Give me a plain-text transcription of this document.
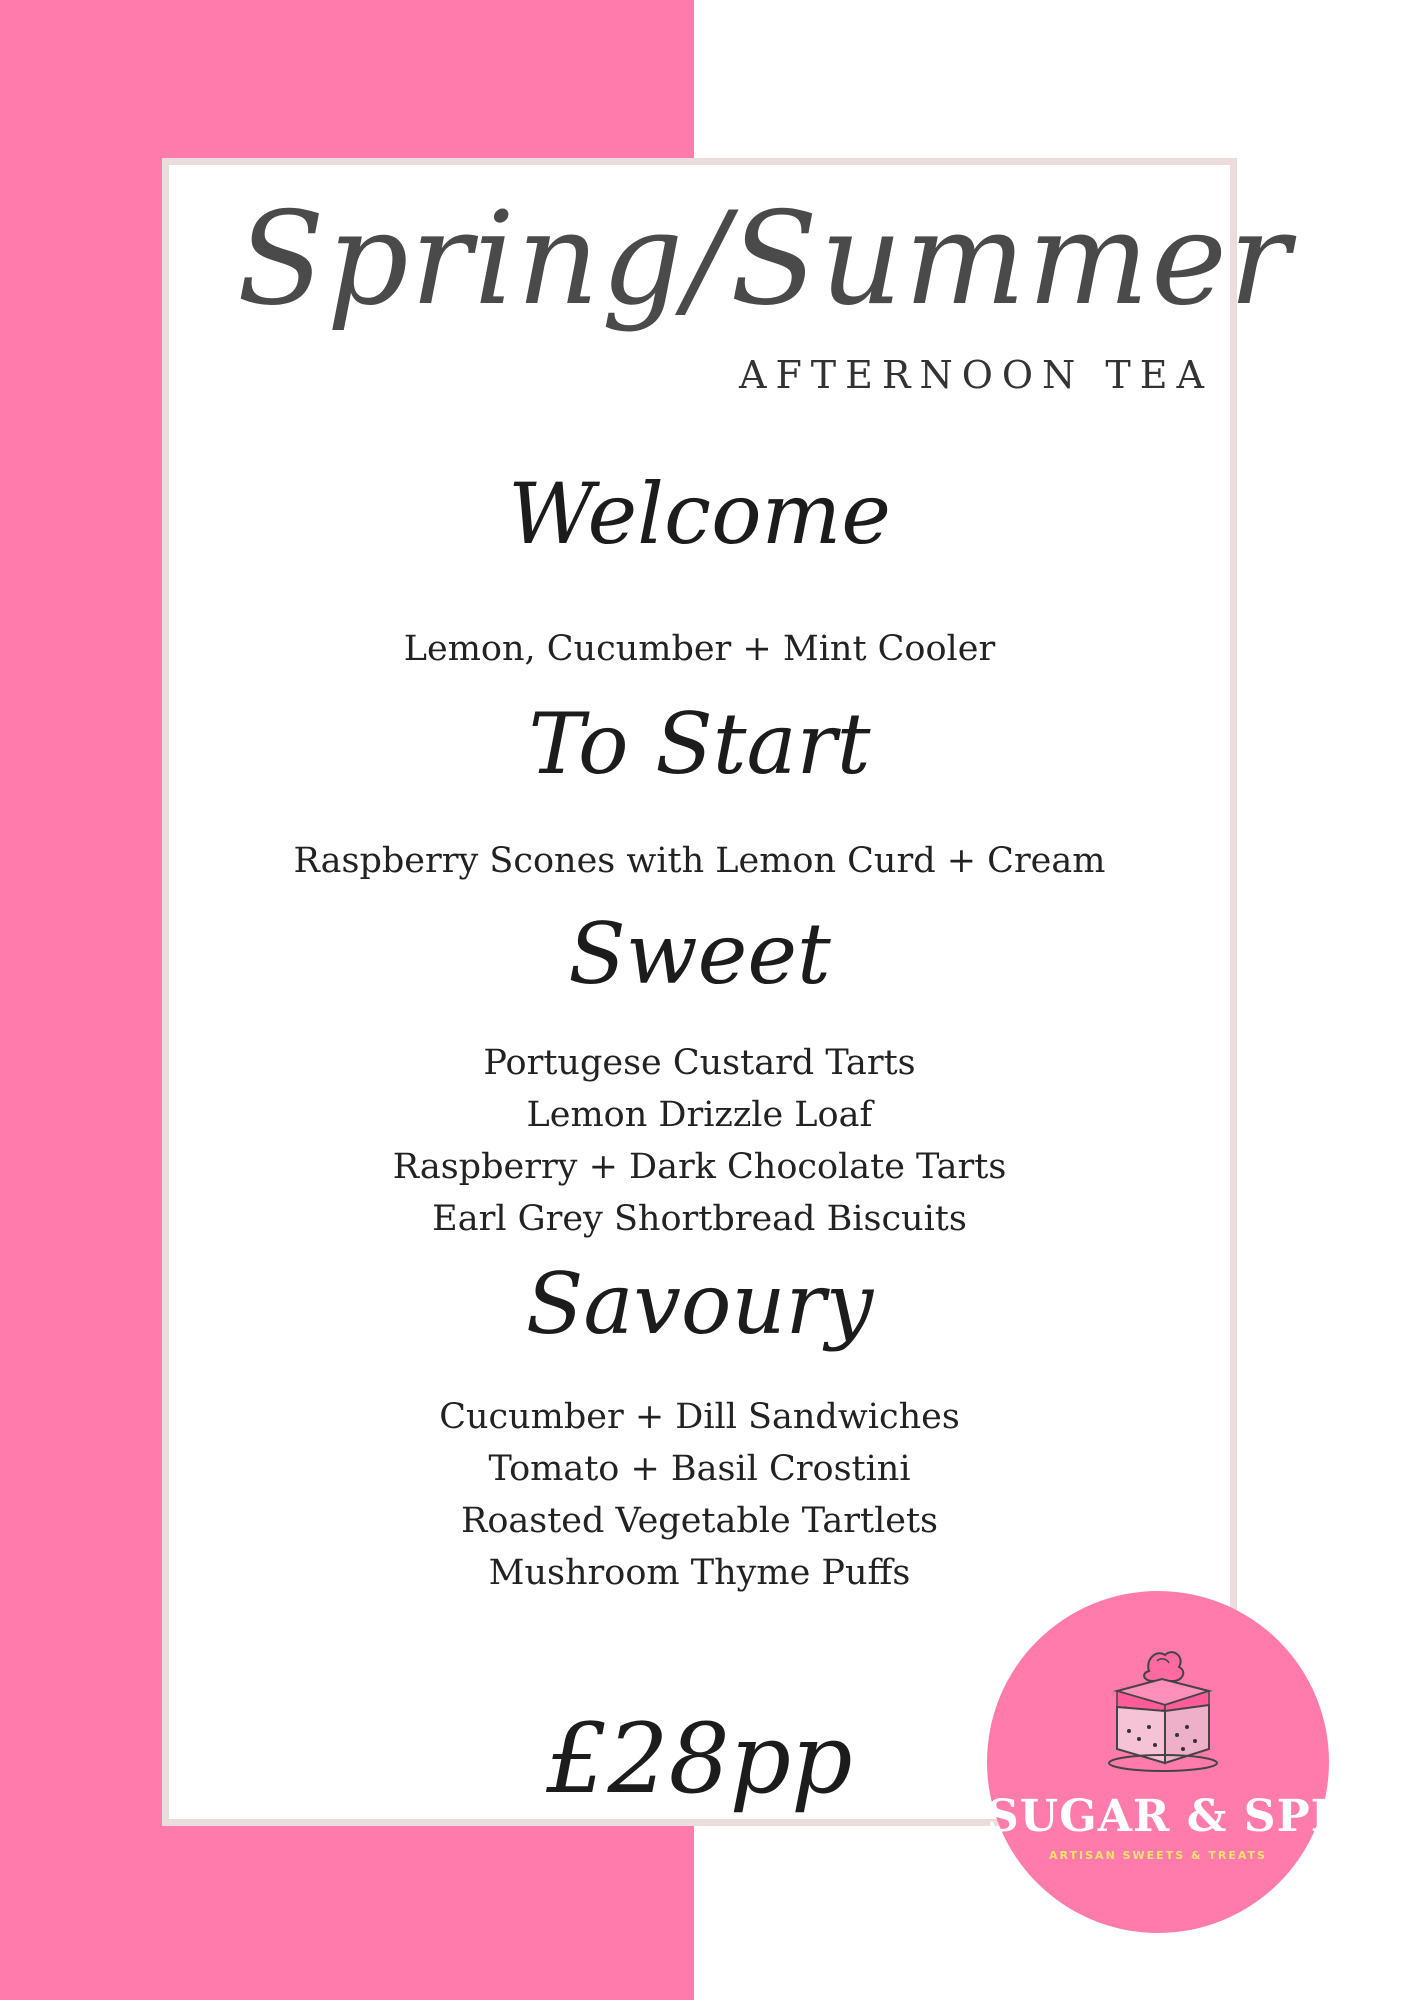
Spring/Summer
AFTERNOON TEA
Welcome
Lemon, Cucumber + Mint Cooler
To Start
Raspberry Scones with Lemon Curd + Cream
Sweet
Portugese Custard Tarts
Lemon Drizzle Loaf
Raspberry + Dark Chocolate Tarts
Earl Grey Shortbread Biscuits
Savoury
Cucumber + Dill Sandwiches
Tomato + Basil Crostini
Roasted Vegetable Tartlets
Mushroom Thyme Puffs
£28pp
SUGAR & SPICE
ARTISAN SWEETS & TREATS
